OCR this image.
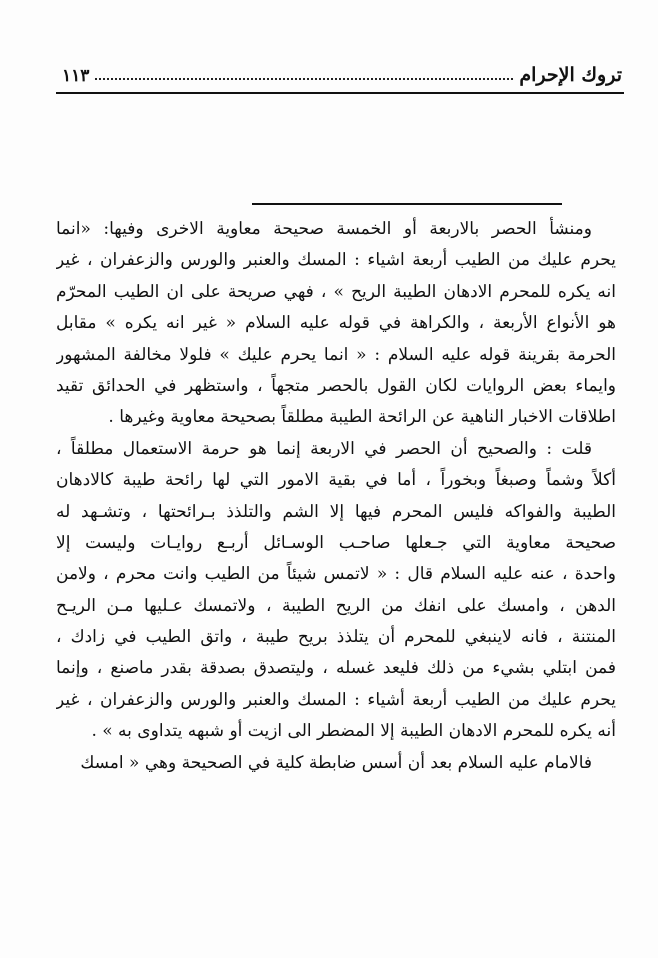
تروك الإحرام
١١٣
ومنشأ الحصر بالاربعة أو الخمسة صحيحة معاوية الاخرى وفيها: «انما
يحرم عليك من الطيب أربعة اشياء : المسك والعنبر والورس والزعفران ، غير
انه يكره للمحرم الادهان الطيبة الريح » ، فهي صريحة على ان الطيب المحرّم
هو الأنواع الأربعة ، والكراهة في قوله عليه السلام « غير انه يكره » مقابل
الحرمة بقرينة قوله عليه السلام : « انما يحرم عليك » فلولا مخالفة المشهور
وايماء بعض الروايات لكان القول بالحصر متجهاً ، واستظهر في الحدائق تقيد
اطلاقات الاخبار الناهية عن الرائحة الطيبة مطلقاً بصحيحة معاوية وغيرها .
قلت : والصحيح أن الحصر في الاربعة إنما هو حرمة الاستعمال مطلقاً ،
أكلاً وشماً وصبغاً وبخوراً ، أما في بقية الامور التي لها رائحة طيبة كالادهان
الطيبة والفواكه فليس المحرم فيها إلا الشم والتلذذ بـرائحتها ، وتشـهد له
صحيحة معاوية التي جـعلها صاحـب الوسـائل أربـع روايـات وليست إلا
واحدة ، عنه عليه السلام قال : « لاتمس شيئاً من الطيب وانت محرم ، ولامن
الدهن ، وامسك على انفك من الريح الطيبة ، ولاتمسك عـليها مـن الريـح
المنتنة ، فانه لاينبغي للمحرم أن يتلذذ بريح طيبة ، واتق الطيب في زادك ،
فمن ابتلي بشيء من ذلك فليعد غسله ، وليتصدق بصدقة بقدر ماصنع ، وإنما
يحرم عليك من الطيب أربعة أشياء : المسك والعنبر والورس والزعفران ، غير
أنه يكره للمحرم الادهان الطيبة إلا المضطر الى ازيت أو شبهه يتداوى به » .
فالامام عليه السلام بعد أن أسس ضابطة كلية في الصحيحة وهي « امسك
